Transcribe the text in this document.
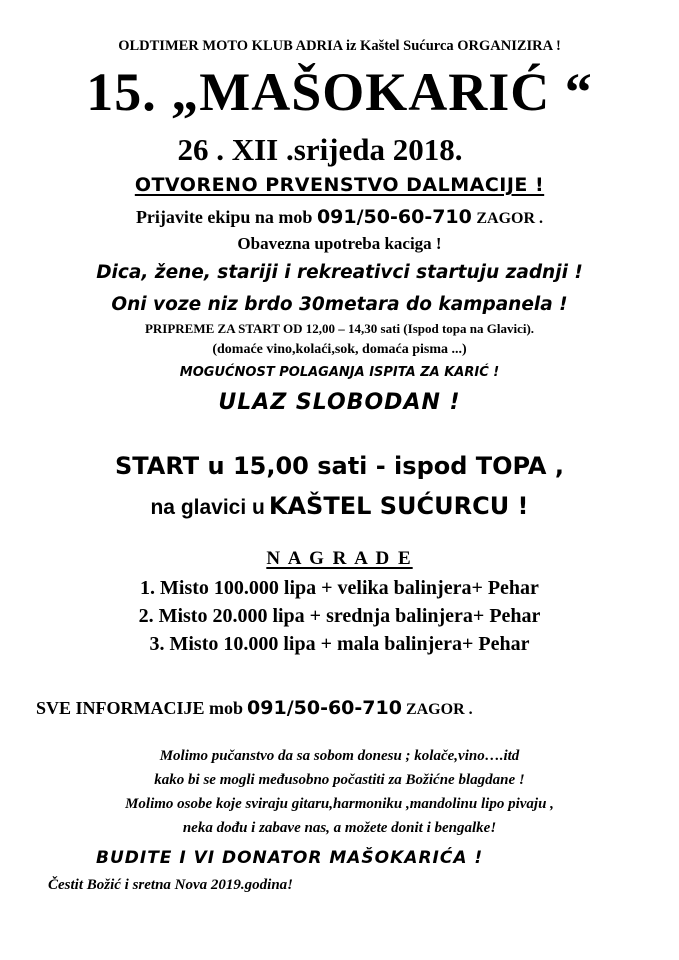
OLDTIMER MOTO KLUB ADRIA iz Kaštel Sućurca ORGANIZIRA !
15. „MAŠOKARIĆ “
26 . XII .srijeda 2018.
OTVORENO PRVENSTVO DALMACIJE !
Prijavite ekipu na mob 091/50-60-710 ZAGOR .
Obavezna upotreba kaciga !
Dica, žene, stariji i rekreativci startuju zadnji !
Oni voze niz brdo 30metara do kampanela !
PRIPREME ZA START OD 12,00 – 14,30 sati (Ispod topa na Glavici).
(domaće vino,kolaći,sok, domaća pisma ...)
MOGUĆNOST POLAGANJA ISPITA ZA KARIĆ !
ULAZ SLOBODAN !
START u 15,00 sati - ispod TOPA ,
na glavici u KAŠTEL SUĆURCU !
N A G R A D E
1. Misto 100.000 lipa + velika balinjera+ Pehar
2. Misto 20.000 lipa + srednja balinjera+ Pehar
3. Misto 10.000 lipa + mala balinjera+ Pehar
SVE INFORMACIJE mob 091/50-60-710 ZAGOR .
Molimo pučanstvo da sa sobom donesu ; kolače,vino….itd
kako bi se mogli međusobno počastiti za Božićne blagdane !
Molimo osobe koje sviraju gitaru,harmoniku ,mandolinu lipo pivaju ,
neka dođu i zabave nas, a možete donit i bengalke!
BUDITE I VI DONATOR MAŠOKARIĆA !
Čestit Božić i sretna Nova 2019.godina!
